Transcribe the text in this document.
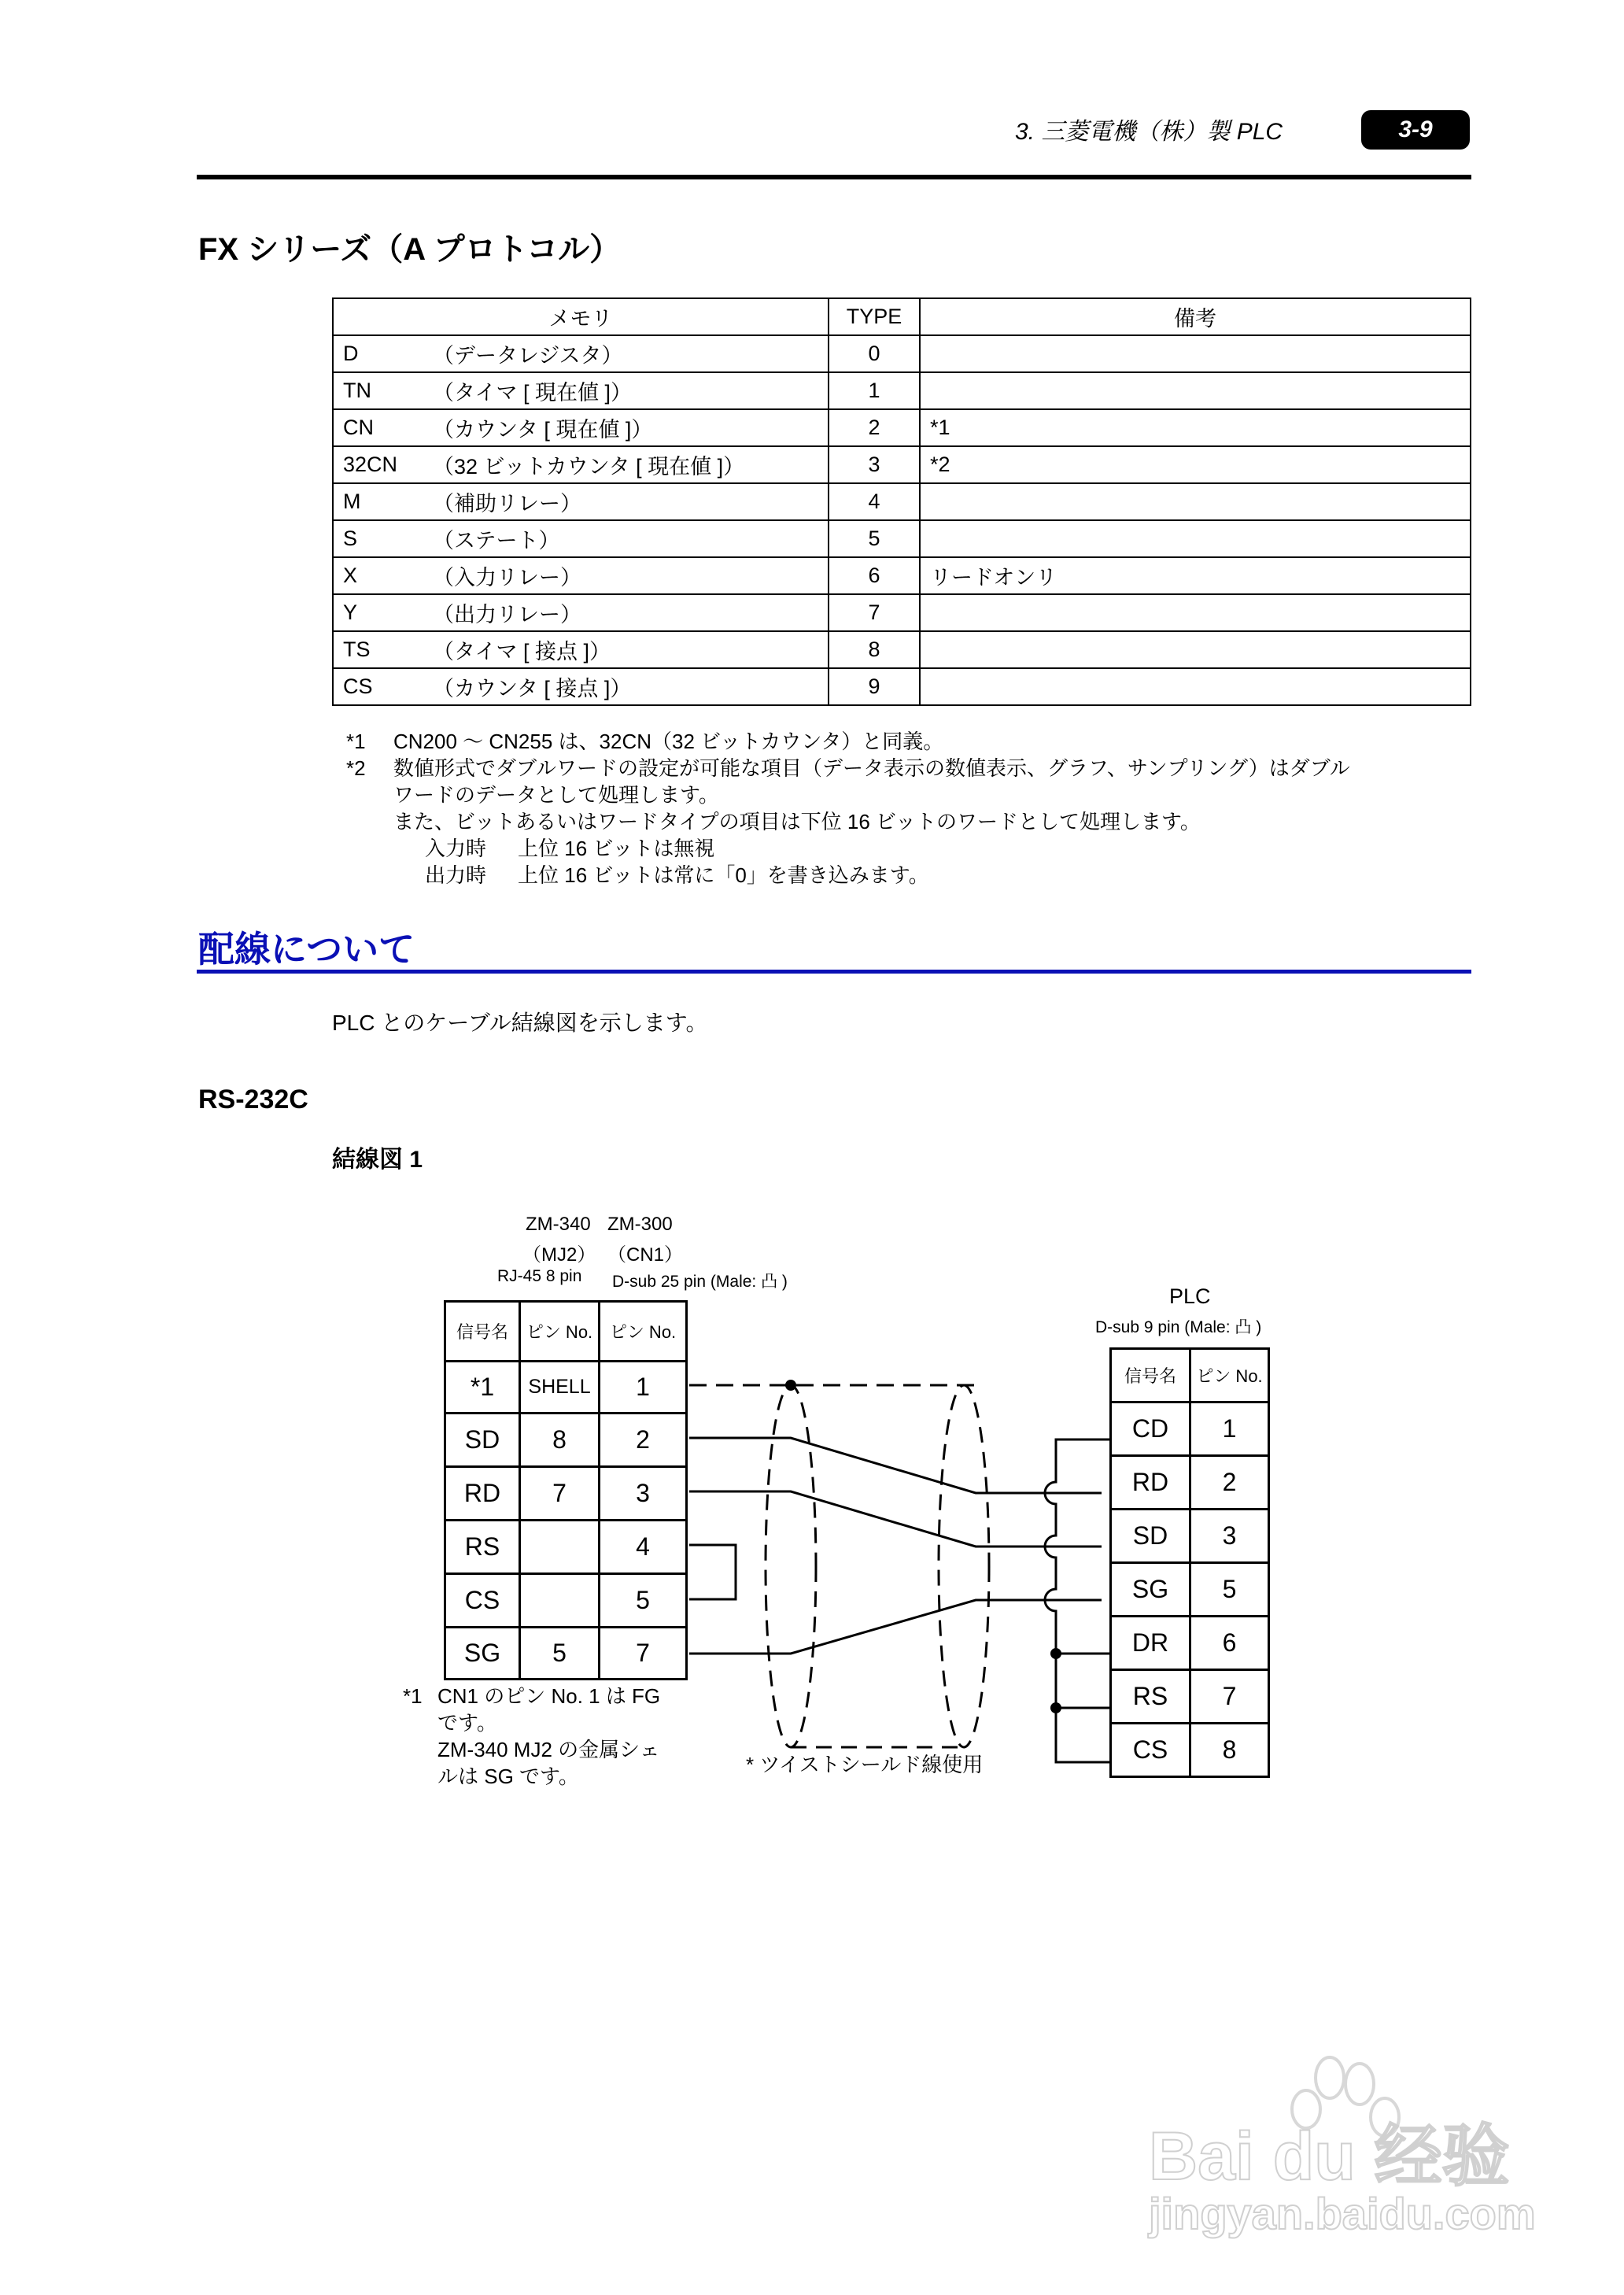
3. 三菱電機（株）製 PLC	3-9
FX シリーズ（A プロトコル）
メモリ		TYPE	備考
D	（データレジスタ）	0	
TN	（タイマ [ 現在値 ]）	1	
CN	（カウンタ [ 現在値 ]）	2	*1
32CN	（32 ビットカウンタ [ 現在値 ]）	3	*2
M	（補助リレー）	4	
S	（ステート）	5	
X	（入力リレー）	6	リードオンリ
Y	（出力リレー）	7	
TS	（タイマ [ 接点 ]）	8	
CS	（カウンタ [ 接点 ]）	9	
*1	CN200 ～ CN255 は、32CN（32 ビットカウンタ）と同義。
*2	数値形式でダブルワードの設定が可能な項目（データ表示の数値表示、グラフ、サンプリング）はダブル
ワードのデータとして処理します。
また、ビットあるいはワードタイプの項目は下位 16 ビットのワードとして処理します。
入力時 上位 16 ビットは無視
出力時 上位 16 ビットは常に「0」を書き込みます。
配線について
PLC とのケーブル結線図を示します。
RS-232C
結線図 1
ZM-340 ZM-300
（MJ2） （CN1）
RJ-45 8 pin D-sub 25 pin (Male: 凸 )
信号名	ピン No.	ピン No.
*1	SHELL	1
SD	8	2
RD	7	3
RS		4
CS		5
SG	5	7
PLC
D-sub 9 pin (Male: 凸 )
信号名	ピン No.
CD	1
RD	2
SD	3
SG	5
DR	6
RS	7
CS	8
*1 CN1 のピン No. 1 は FG
です。
ZM-340 MJ2 の金属シェ
ルは SG です。	* ツイストシールド線使用
Bai du 经验
jingyan.baidu.com
